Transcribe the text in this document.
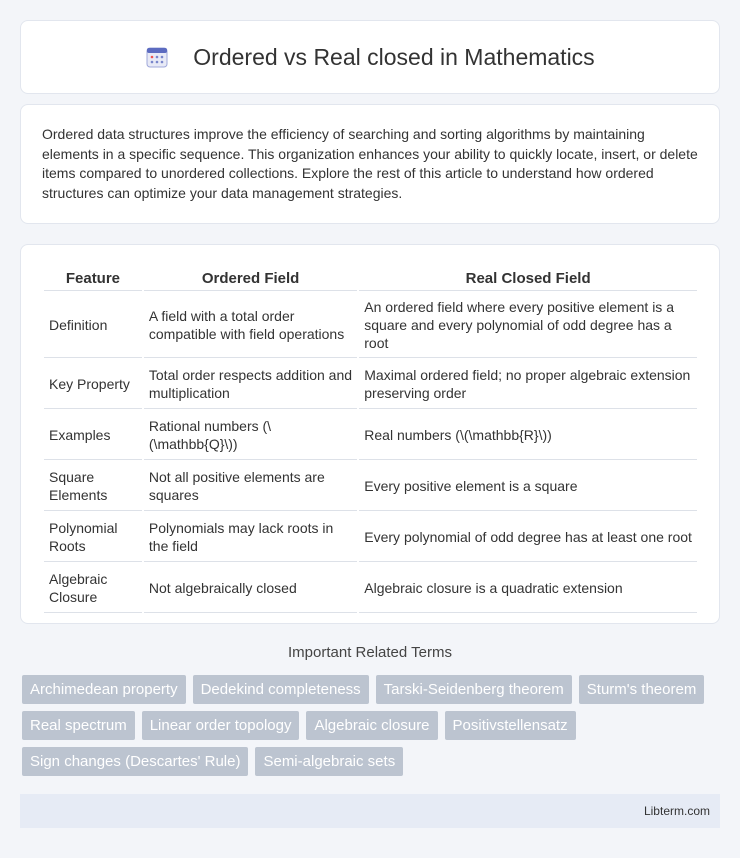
Ordered vs Real closed in Mathematics

Ordered data structures improve the efficiency of searching and sorting algorithms by maintaining elements in a specific sequence. This organization enhances your ability to quickly locate, insert, or delete items compared to unordered collections. Explore the rest of this article to understand how ordered structures can optimize your data management strategies.

Feature	Ordered Field	Real Closed Field
Definition	A field with a total order compatible with field operations	An ordered field where every positive element is a square and every polynomial of odd degree has a root
Key Property	Total order respects addition and multiplication	Maximal ordered field; no proper algebraic extension preserving order
Examples	Rational numbers (\(\mathbb{Q}\))	Real numbers (\(\mathbb{R}\))
Square Elements	Not all positive elements are squares	Every positive element is a square
Polynomial Roots	Polynomials may lack roots in the field	Every polynomial of odd degree has at least one root
Algebraic Closure	Not algebraically closed	Algebraic closure is a quadratic extension
Important Related Terms
Archimedean property	Dedekind completeness	Tarski-Seidenberg theorem	Sturm's theorem
Real spectrum	Linear order topology	Algebraic closure	Positivstellensatz
Sign changes (Descartes' Rule)	Semi-algebraic sets
Libterm.com
